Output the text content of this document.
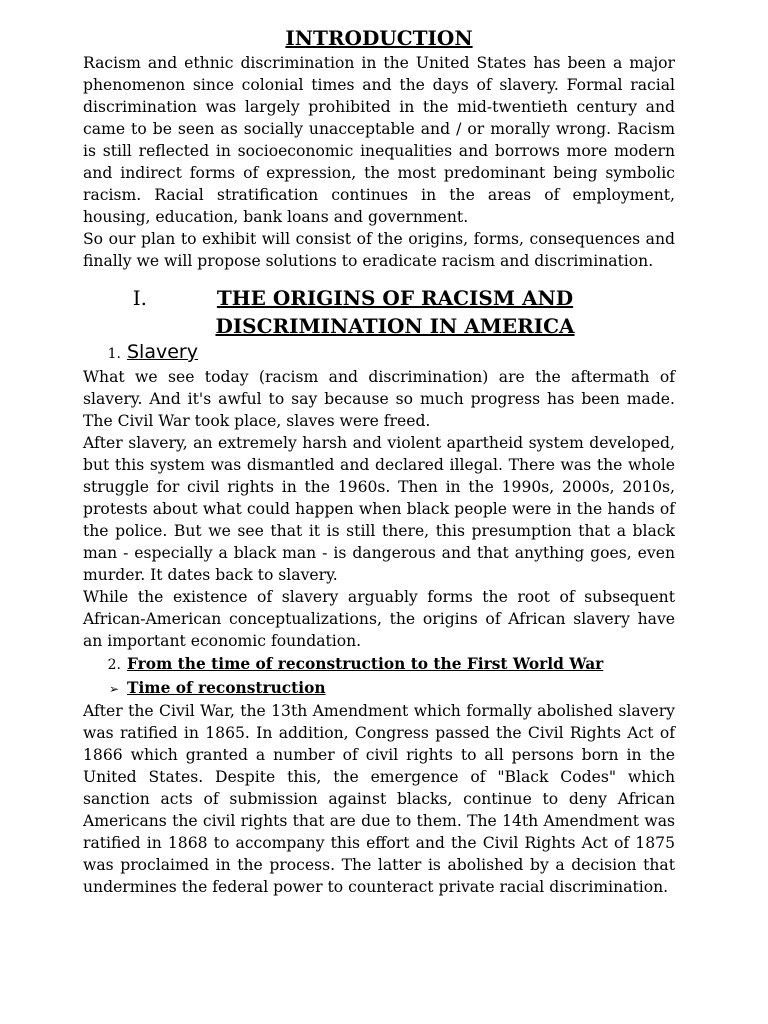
INTRODUCTION

Racism and ethnic discrimination in the United States has been a major phenomenon since colonial times and the days of slavery. Formal racial discrimination was largely prohibited in the mid-twentieth century and came to be seen as socially unacceptable and / or morally wrong. Racism is still reflected in socioeconomic inequalities and borrows more modern and indirect forms of expression, the most predominant being symbolic racism. Racial stratification continues in the areas of employment, housing, education, bank loans and government.

So our plan to exhibit will consist of the origins, forms, consequences and finally we will propose solutions to eradicate racism and discrimination.

I.	THE ORIGINS OF RACISM AND DISCRIMINATION IN AMERICA
1. Slavery

What we see today (racism and discrimination) are the aftermath of slavery. And it's awful to say because so much progress has been made. The Civil War took place, slaves were freed.

After slavery, an extremely harsh and violent apartheid system developed, but this system was dismantled and declared illegal. There was the whole struggle for civil rights in the 1960s. Then in the 1990s, 2000s, 2010s, protests about what could happen when black people were in the hands of the police. But we see that it is still there, this presumption that a black man - especially a black man - is dangerous and that anything goes, even murder. It dates back to slavery.

While the existence of slavery arguably forms the root of subsequent African-American conceptualizations, the origins of African slavery have an important economic foundation.

2. From the time of reconstruction to the First World War
➢ Time of reconstruction

After the Civil War, the 13th Amendment which formally abolished slavery was ratified in 1865. In addition, Congress passed the Civil Rights Act of 1866 which granted a number of civil rights to all persons born in the United States. Despite this, the emergence of "Black Codes" which sanction acts of submission against blacks, continue to deny African Americans the civil rights that are due to them. The 14th Amendment was ratified in 1868 to accompany this effort and the Civil Rights Act of 1875 was proclaimed in the process. The latter is abolished by a decision that undermines the federal power to counteract private racial discrimination.
